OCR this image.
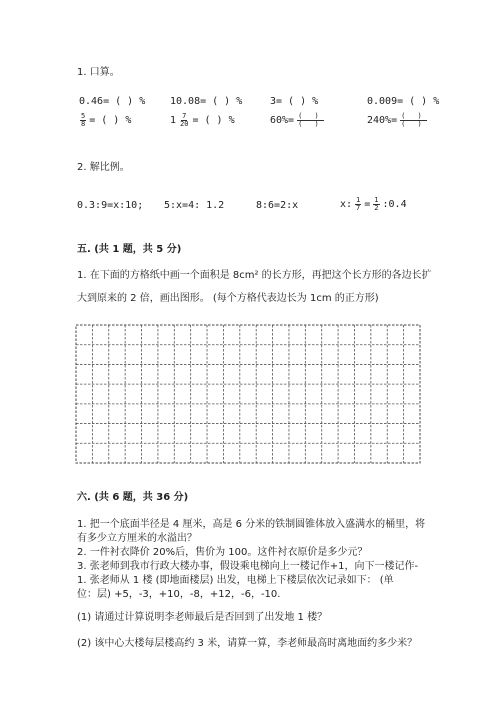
1. 口算。
0.46= ( ) % 10.08= ( ) %	3= ( ) %	0.009= ( ) %
$\frac{5}{8}$ = ( ) %	$1 \frac{7}{20}$ = ( ) %	$60\%= \frac{( )}{( )}$	$240\%= \frac{( )}{( )}$
2. 解比例。
0.3:9=x:10; 5:x=4: 1.2	8:6=2:x	x: $\frac{1}{7} = \frac{1}{2}$ :0.4
五. (共 1 题，共 5 分)
1. 在下面的方格纸中画一个面积是 8cm² 的长方形，再把这个长方形的各边长扩
大到原来的 2 倍，画出图形。 (每个方格代表边长为 1cm 的正方形)
六. (共 6 题，共 36 分)
1. 把一个底面半径是 4 厘米，高是 6 分米的铁制圆锥体放入盛满水的桶里，将
有多少立方厘米的水溢出？
2. 一件衬衣降价 20%后，售价为 100。这件衬衣原价是多少元？
3. 张老师到我市行政大楼办事，假设乘电梯向上一楼记作+1，向下一楼记作-
1. 张老师从 1 楼 (即地面楼层) 出发，电梯上下楼层依次记录如下： (单
位：层) +5，-3，+10，-8，+12，-6，-10.
(1) 请通过计算说明李老师最后是否回到了出发地 1 楼？
(2) 该中心大楼每层楼高约 3 米，请算一算，李老师最高时离地面约多少米？
